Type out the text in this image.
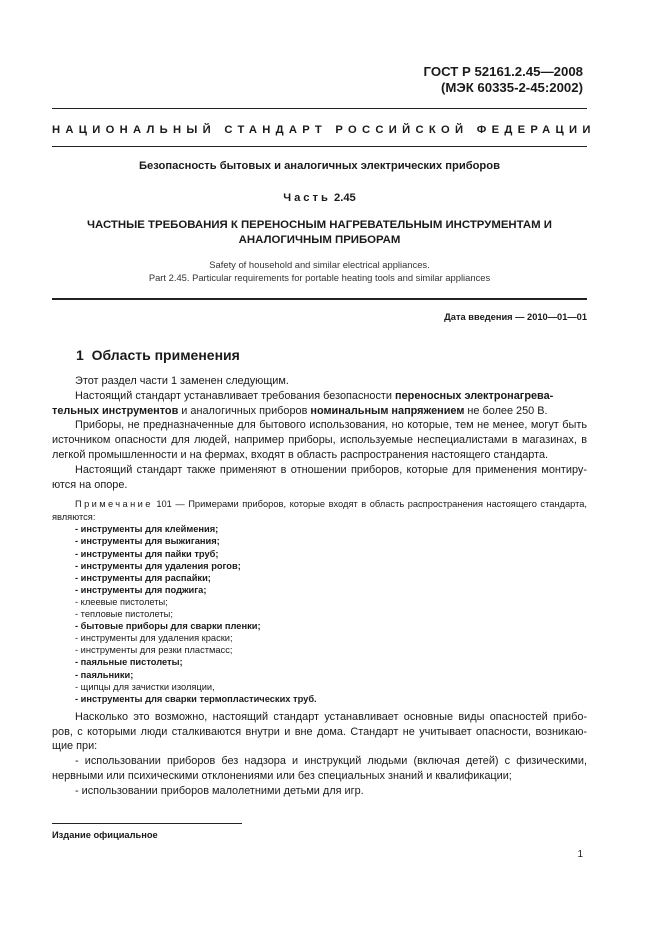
ГОСТ Р 52161.2.45—2008
(МЭК 60335-2-45:2002)
НАЦИОНАЛЬНЫЙ СТАНДАРТ РОССИЙСКОЙ ФЕДЕРАЦИИ
Безопасность бытовых и аналогичных электрических приборов
Часть 2.45
ЧАСТНЫЕ ТРЕБОВАНИЯ К ПЕРЕНОСНЫМ НАГРЕВАТЕЛЬНЫМ ИНСТРУМЕНТАМ И
АНАЛОГИЧНЫМ ПРИБОРАМ
Safety of household and similar electrical appliances.
Part 2.45. Particular requirements for portable heating tools and similar appliances
Дата введения — 2010—01—01
1 Область применения

Этот раздел части 1 заменен следующим.

Настоящий стандарт устанавливает требования безопасности переносных электронагрева-
тельных инструментов и аналогичных приборов номинальным напряжением не более 250 В.

Приборы, не предназначенные для бытового использования, но которые, тем не менее, могут быть источником опасности для людей, например приборы, используемые неспециалистами в магазинах, в легкой промышленности и на фермах, входят в область распространения настоящего стандарта.

Настоящий стандарт также применяют в отношении приборов, которые для применения монтиру-ются на опоре.

Примечание 101 — Примерами приборов, которые входят в область распространения настоящего стандарта, являются:

- инструменты для клеймения;
- инструменты для выжигания;
- инструменты для пайки труб;
- инструменты для удаления рогов;
- инструменты для распайки;
- инструменты для поджига;
- клеевые пистолеты;
- тепловые пистолеты;
- бытовые приборы для сварки пленки;
- инструменты для удаления краски;
- инструменты для резки пластмасс;
- паяльные пистолеты;
- паяльники;
- щипцы для зачистки изоляции,
- инструменты для сварки термопластических труб.

Насколько это возможно, настоящий стандарт устанавливает основные виды опасностей прибо-ров, с которыми люди сталкиваются внутри и вне дома. Стандарт не учитывает опасности, возникаю-щие при:

- использовании приборов без надзора и инструкций людьми (включая детей) с физическими, нервными или психическими отклонениями или без специальных знаний и квалификации;

- использовании приборов малолетними детьми для игр.

Издание официальное
1
